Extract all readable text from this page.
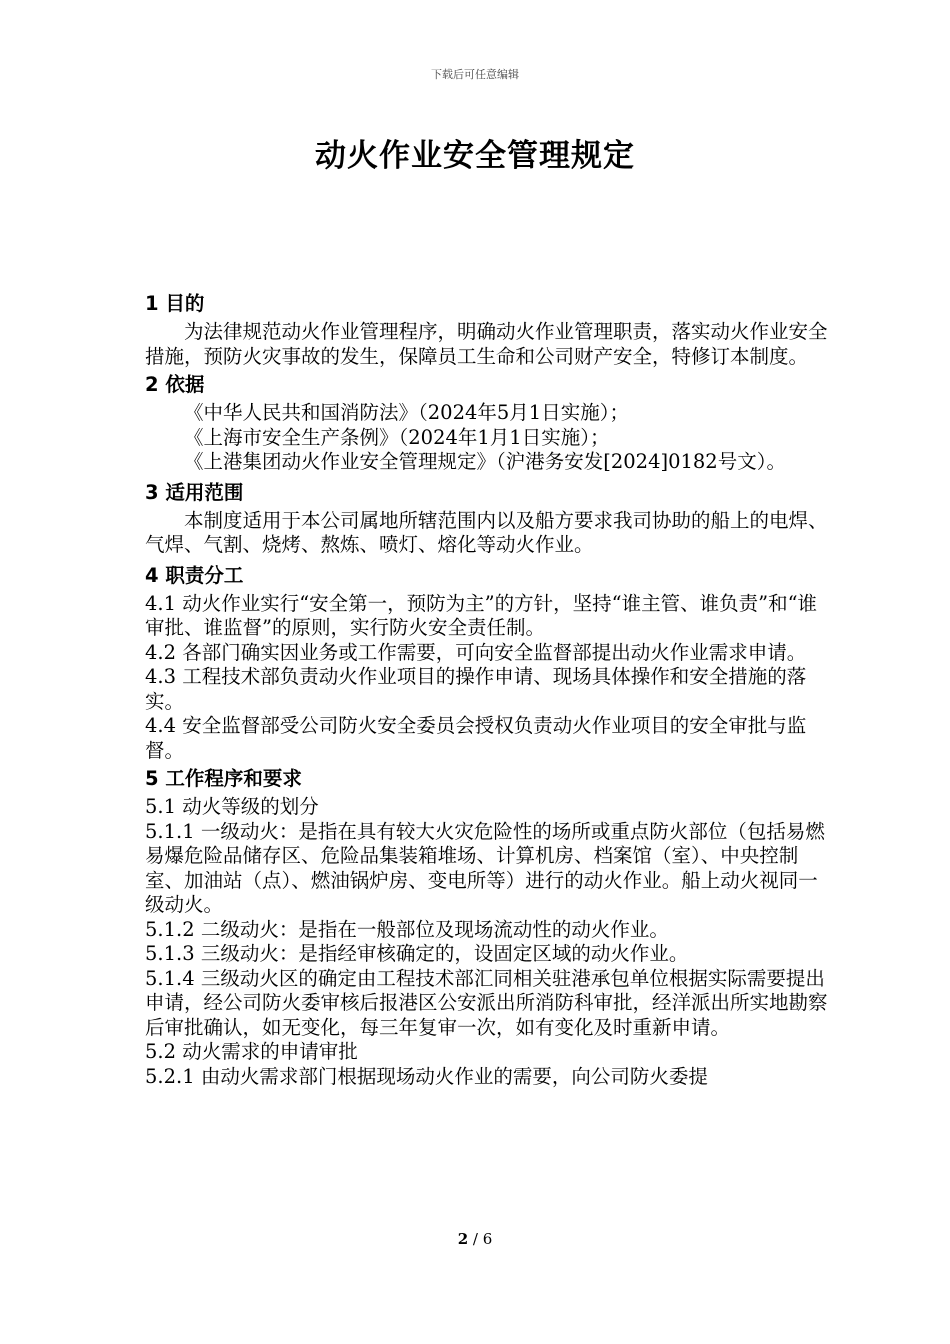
下载后可任意编辑
动火作业安全管理规定
1 目的

为法律规范动火作业管理程序，明确动火作业管理职责，落实动火作业安全措施，预防火灾事故的发生，保障员工生命和公司财产安全，特修订本制度。

2 依据

《中华人民共和国消防法》（2024年5月1日实施）；

《上海市安全生产条例》（2024年1月1日实施）；

《上港集团动火作业安全管理规定》（沪港务安发[2024]0182号文）。

3 适用范围

本制度适用于本公司属地所辖范围内以及船方要求我司协助的船上的电焊、气焊、气割、烧烤、熬炼、喷灯、熔化等动火作业。

4 职责分工

4.1 动火作业实行“安全第一，预防为主”的方针，坚持“谁主管、谁负责”和“谁审批、谁监督”的原则，实行防火安全责任制。

4.2 各部门确实因业务或工作需要，可向安全监督部提出动火作业需求申请。

4.3 工程技术部负责动火作业项目的操作申请、现场具体操作和安全措施的落实。

4.4 安全监督部受公司防火安全委员会授权负责动火作业项目的安全审批与监督。

5 工作程序和要求

5.1 动火等级的划分

5.1.1 一级动火：是指在具有较大火灾危险性的场所或重点防火部位（包括易燃易爆危险品储存区、危险品集装箱堆场、计算机房、档案馆（室）、中央控制室、加油站（点）、燃油锅炉房、变电所等）进行的动火作业。船上动火视同一级动火。

5.1.2 二级动火：是指在一般部位及现场流动性的动火作业。

5.1.3 三级动火：是指经审核确定的，设固定区域的动火作业。

5.1.4 三级动火区的确定由工程技术部汇同相关驻港承包单位根据实际需要提出申请，经公司防火委审核后报港区公安派出所消防科审批，经洋派出所实地勘察后审批确认，如无变化，每三年复审一次，如有变化及时重新申请。

5.2 动火需求的申请审批

5.2.1 由动火需求部门根据现场动火作业的需要，向公司防火委提

2 / 6
